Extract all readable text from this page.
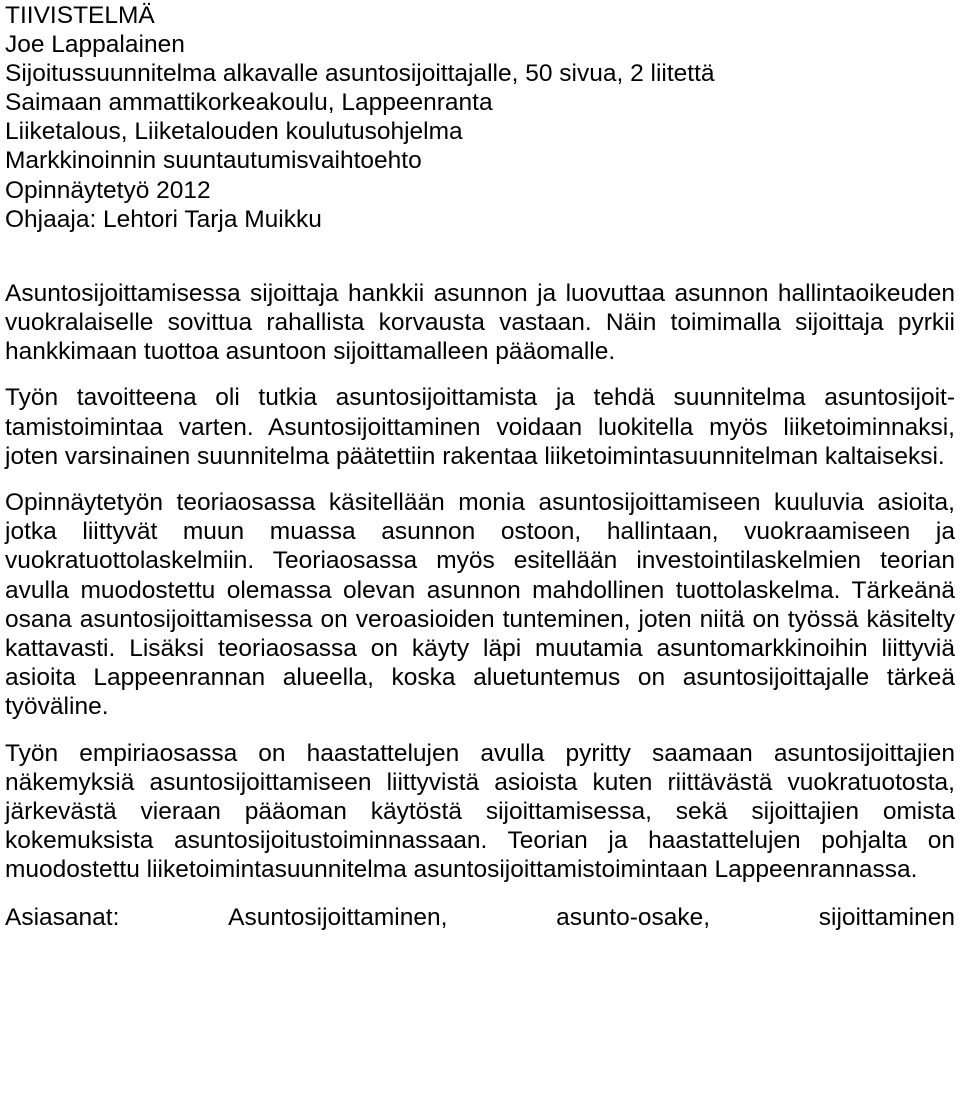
TIIVISTELMÄ

Joe Lappalainen

Sijoitussuunnitelma alkavalle asuntosijoittajalle, 50 sivua, 2 liitettä

Saimaan ammattikorkeakoulu, Lappeenranta

Liiketalous, Liiketalouden koulutusohjelma

Markkinoinnin suuntautumisvaihtoehto

Opinnäytetyö 2012

Ohjaaja: Lehtori Tarja Muikku

Asuntosijoittamisessa sijoittaja hankkii asunnon ja luovuttaa asunnon hallintaoikeuden vuokralaiselle sovittua rahallista korvausta vastaan. Näin toimimalla sijoittaja pyrkii hankkimaan tuottoa asuntoon sijoittamalleen pääomalle.

Työn tavoitteena oli tutkia asuntosijoittamista ja tehdä suunnitelma asuntosijoittamistoimintaa varten. Asuntosijoittaminen voidaan luokitella myös liiketoiminnaksi, joten varsinainen suunnitelma päätettiin rakentaa liiketoimintasuunnitelman kaltaiseksi.

Opinnäytetyön teoriaosassa käsitellään monia asuntosijoittamiseen kuuluvia asioita, jotka liittyvät muun muassa asunnon ostoon, hallintaan, vuokraamiseen ja vuokratuottolaskelmiin. Teoriaosassa myös esitellään investointilaskelmien teorian avulla muodostettu olemassa olevan asunnon mahdollinen tuottolaskelma. Tärkeänä osana asuntosijoittamisessa on veroasioiden tunteminen, joten niitä on työssä käsitelty kattavasti. Lisäksi teoriaosassa on käyty läpi muutamia asuntomarkkinoihin liittyviä asioita Lappeenrannan alueella, koska aluetuntemus on asuntosijoittajalle tärkeä työväline.

Työn empiriaosassa on haastattelujen avulla pyritty saamaan asuntosijoittajien näkemyksiä asuntosijoittamiseen liittyvistä asioista kuten riittävästä vuokratuotosta, järkevästä vieraan pääoman käytöstä sijoittamisessa, sekä sijoittajien omista kokemuksista asuntosijoitustoiminnassaan. Teorian ja haastattelujen pohjalta on muodostettu liiketoimintasuunnitelma asuntosijoittamistoimintaan Lappeenrannassa.

Asiasanat:	Asuntosijoittaminen,	asunto-osake,	sijoittaminen
